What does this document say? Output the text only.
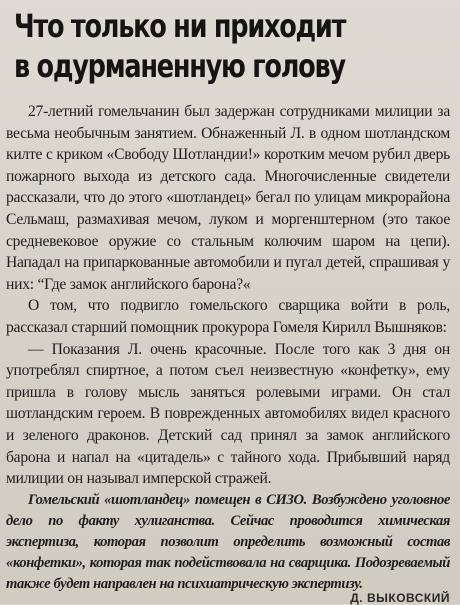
Что только ни приходит
в одурманенную голову

27-летний гомельчанин был задержан сотрудниками милиции за весьма необычным занятием. Обнаженный Л. в одном шотландском килте с криком «Свободу Шотландии!» коротким мечом рубил дверь пожарного выхода из детского сада. Многочисленные свидетели рассказали, что до этого «шотландец» бегал по улицам микрорайона Сельмаш, размахивая мечом, луком и моргенштерном (это такое средневековое оружие со стальным колючим шаром на цепи). Нападал на припаркованные автомобили и пугал детей, спрашивая у них: “Где замок английского барона?«

О том, что подвигло гомельского сварщика войти в роль, рассказал старший помощник прокурора Гомеля Кирилл Вышняков:

— Показания Л. очень красочные. После того как 3 дня он употреблял спиртное, а потом съел неизвестную «конфетку», ему пришла в голову мысль заняться ролевыми играми. Он стал шотландским героем. В поврежденных автомобилях видел красного и зеленого драконов. Детский сад принял за замок английского барона и напал на «цитадель» с тайного хода. Прибывший наряд милиции он называл имперской стражей.

Гомельский «шотландец» помещен в СИЗО. Возбуждено уголовное дело по факту хулиганства. Сейчас проводится химическая экспертиза, которая позволит определить возможный состав «конфетки», которая так подействовала на сварщика. Подозреваемый также будет направлен на психиатрическую экспертизу.

Д. ВЫКОВСКИЙ
